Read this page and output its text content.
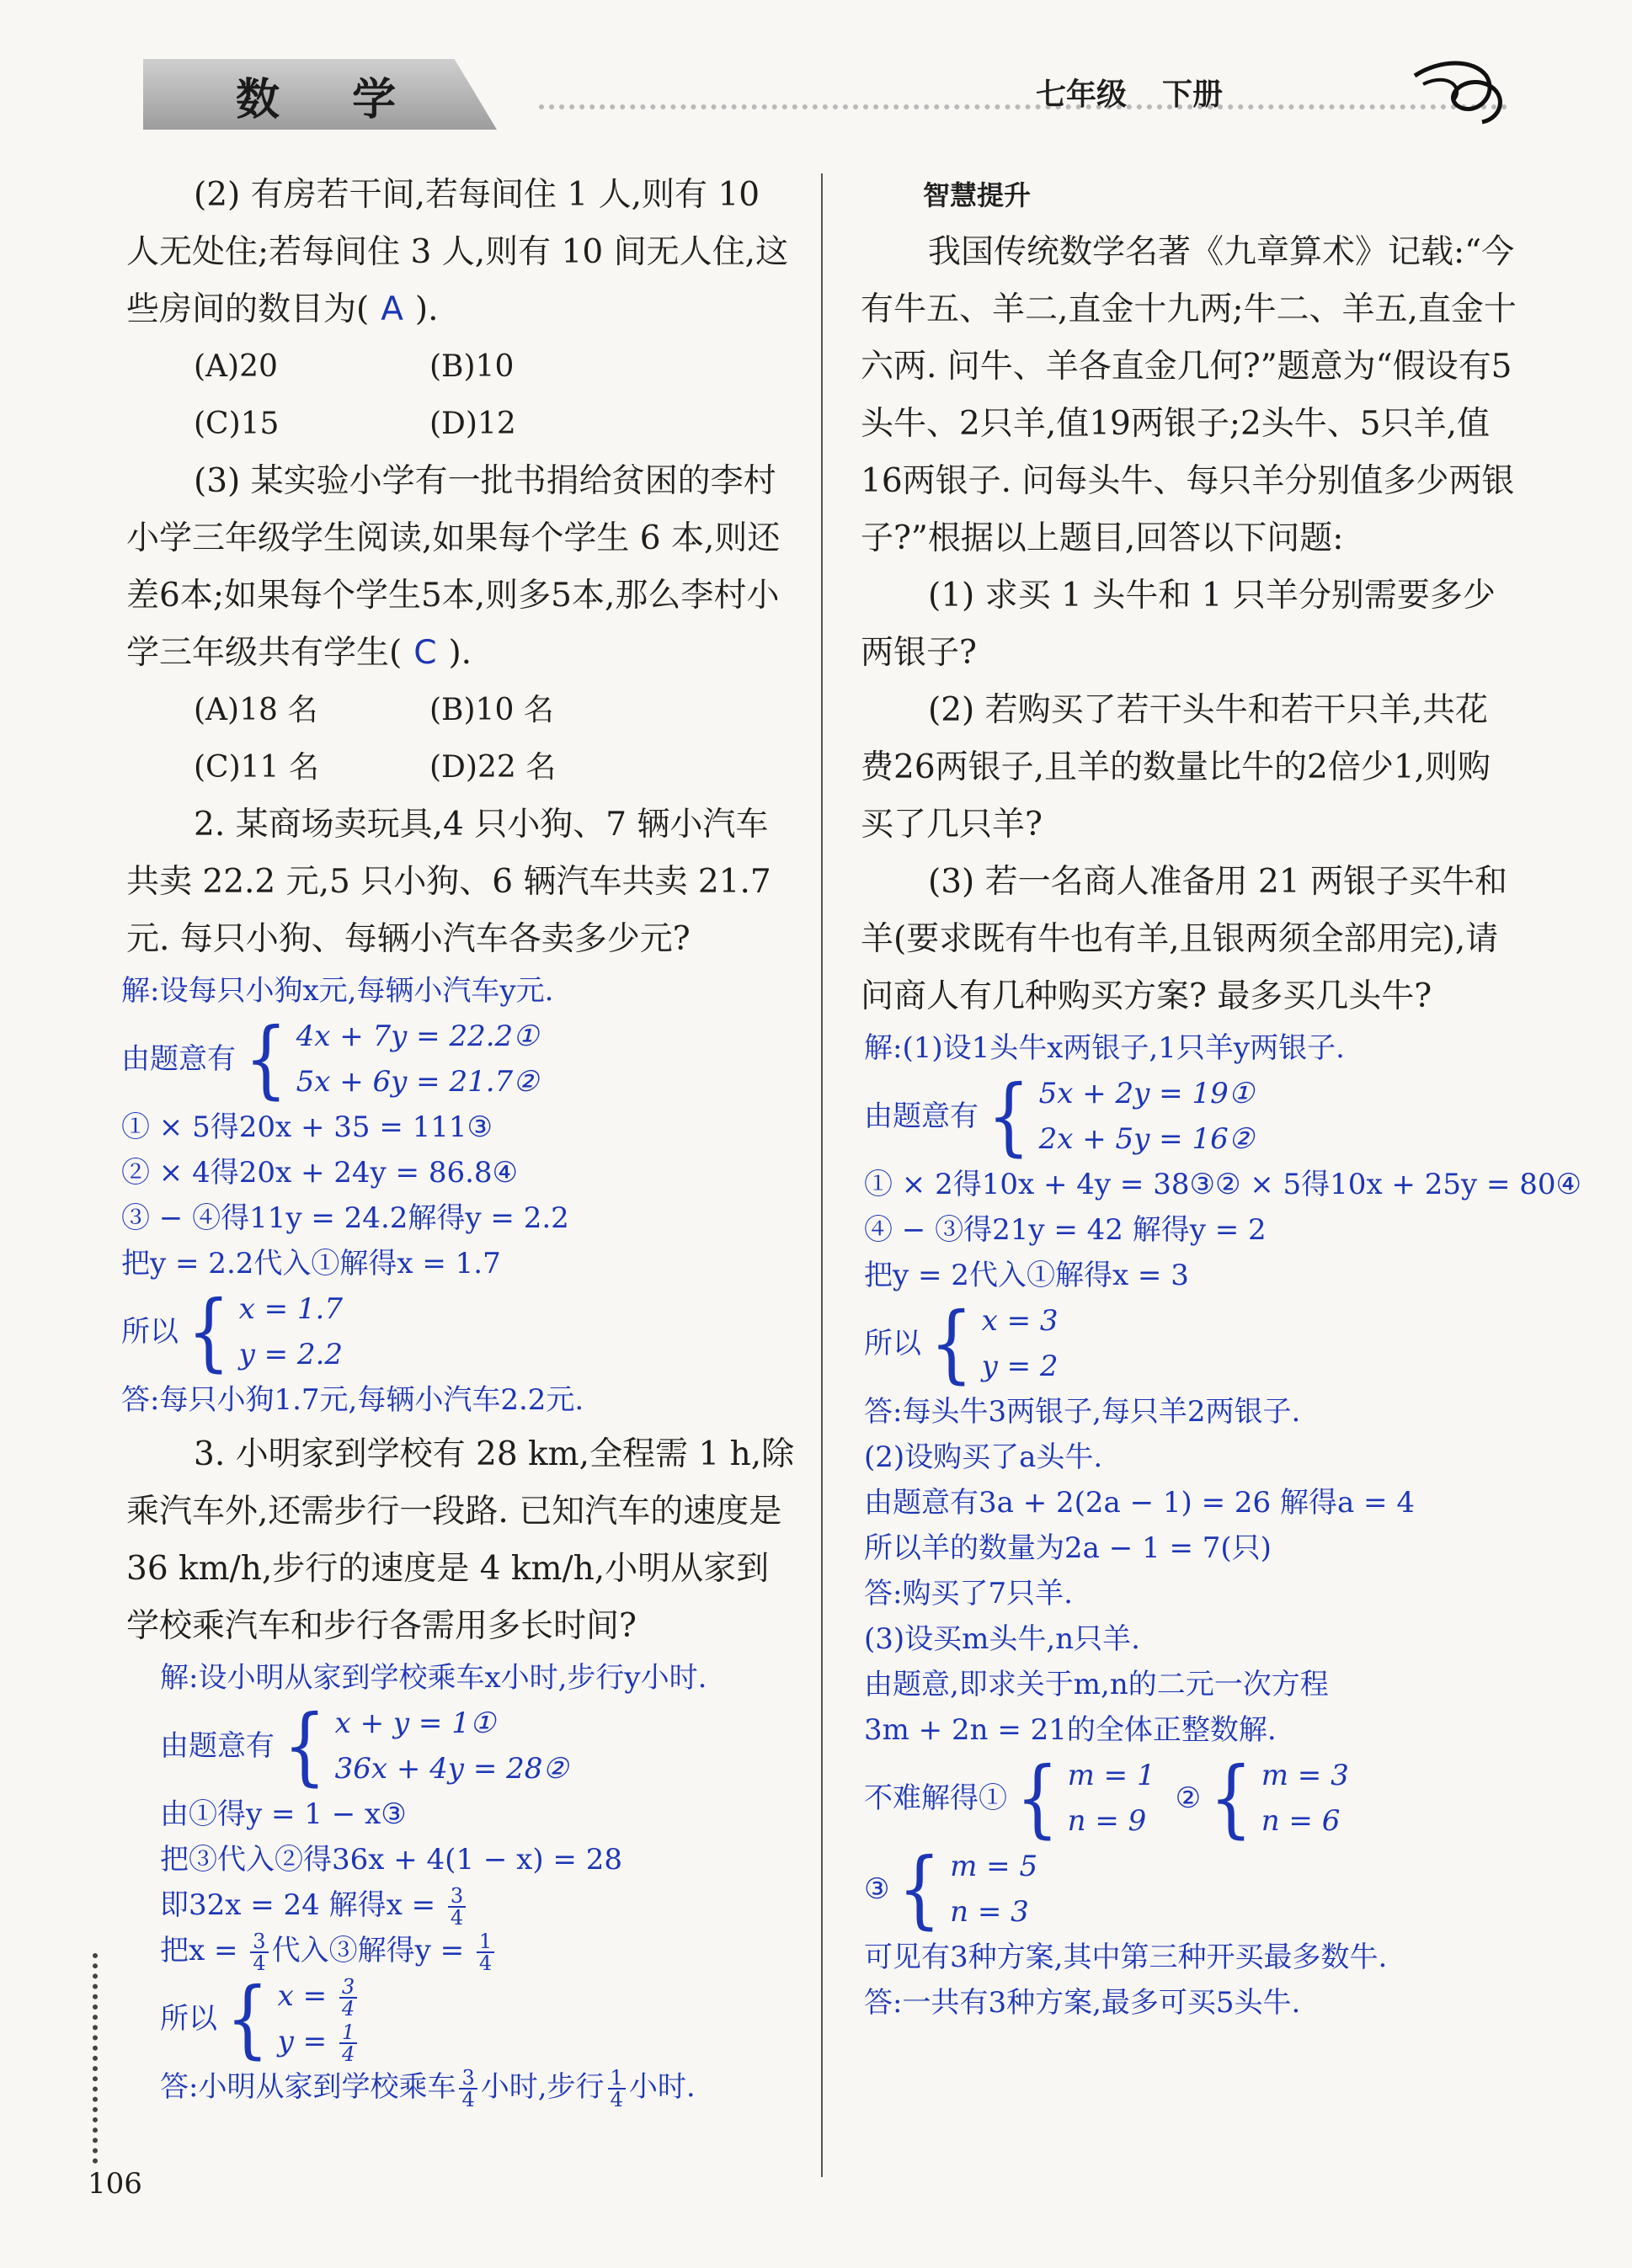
数 学	七年级 下册
106

(2) 有房若干间,若每间住 1 人,则有 10 人无处住;若每间住 3 人,则有 10 间无人住,这些房间的数目为( A ).

(A)20	(B)10
(C)15	(D)12

(3) 某实验小学有一批书捐给贫困的李村小学三年级学生阅读,如果每个学生 6 本,则还差6本;如果每个学生5本,则多5本,那么李村小学三年级共有学生( C ).

(A)18 名	(B)10 名
(C)11 名	(D)22 名

2. 某商场卖玩具,4 只小狗、7 辆小汽车共卖 22.2 元,5 只小狗、6 辆汽车共卖 21.7 元. 每只小狗、每辆小汽车各卖多少元?

解:设每只小狗x元,每辆小汽车y元.
由题意有 { 4x + 7y = 22.2①
5x + 6y = 21.7②
① × 5得20x + 35 = 111③
② × 4得20x + 24y = 86.8④
③ − ④得11y = 24.2解得y = 2.2
把y = 2.2代入①解得x = 1.7
所以 { x = 1.7
y = 2.2
答:每只小狗1.7元,每辆小汽车2.2元.

3. 小明家到学校有 28 km,全程需 1 h,除乘汽车外,还需步行一段路. 已知汽车的速度是36 km/h,步行的速度是 4 km/h,小明从家到学校乘汽车和步行各需用多长时间?

解:设小明从家到学校乘车x小时,步行y小时.
由题意有 { x + y = 1①
36x + 4y = 28②
由①得y = 1 − x③
把③代入②得36x + 4(1 − x) = 28
即32x = 24 解得$x = \frac{3}{4}$
把$x = \frac{3}{4}$ 代入③解得$y = \frac{1}{4}$
所以 { $x = \frac{3}{4}$
$y = \frac{1}{4}$
答:小明从家到学校乘车 $\frac{3}{4}$ 小时,步行 $\frac{1}{4}$ 小时.
智慧提升

我国传统数学名著《九章算术》记载:“今有牛五、羊二,直金十九两;牛二、羊五,直金十六两. 问牛、羊各直金几何?”题意为“假设有5头牛、2只羊,值19两银子;2头牛、5只羊,值16两银子. 问每头牛、每只羊分别值多少两银子?”根据以上题目,回答以下问题:

(1) 求买 1 头牛和 1 只羊分别需要多少两银子?

(2) 若购买了若干头牛和若干只羊,共花费26两银子,且羊的数量比牛的2倍少1,则购买了几只羊?

(3) 若一名商人准备用 21 两银子买牛和羊(要求既有牛也有羊,且银两须全部用完),请问商人有几种购买方案? 最多买几头牛?

解:(1)设1头牛x两银子,1只羊y两银子.
由题意有 { 5x + 2y = 19①
2x + 5y = 16②
① × 2得10x + 4y = 38③② × 5得10x + 25y = 80④
④ − ③得21y = 42 解得y = 2
把y = 2代入①解得x = 3
所以 { x = 3
y = 2
答:每头牛3两银子,每只羊2两银子.
(2)设购买了a头牛.
由题意有3a + 2(2a − 1) = 26 解得a = 4
所以羊的数量为2a − 1 = 7(只)
答:购买了7只羊.
(3)设买m头牛,n只羊.
由题意,即求关于m,n的二元一次方程
3m + 2n = 21的全体正整数解.
不难解得① { m = 1
n = 9
② { m = 3
n = 6
③ { m = 5
n = 3
可见有3种方案,其中第三种开买最多数牛.
答:一共有3种方案,最多可买5头牛.
